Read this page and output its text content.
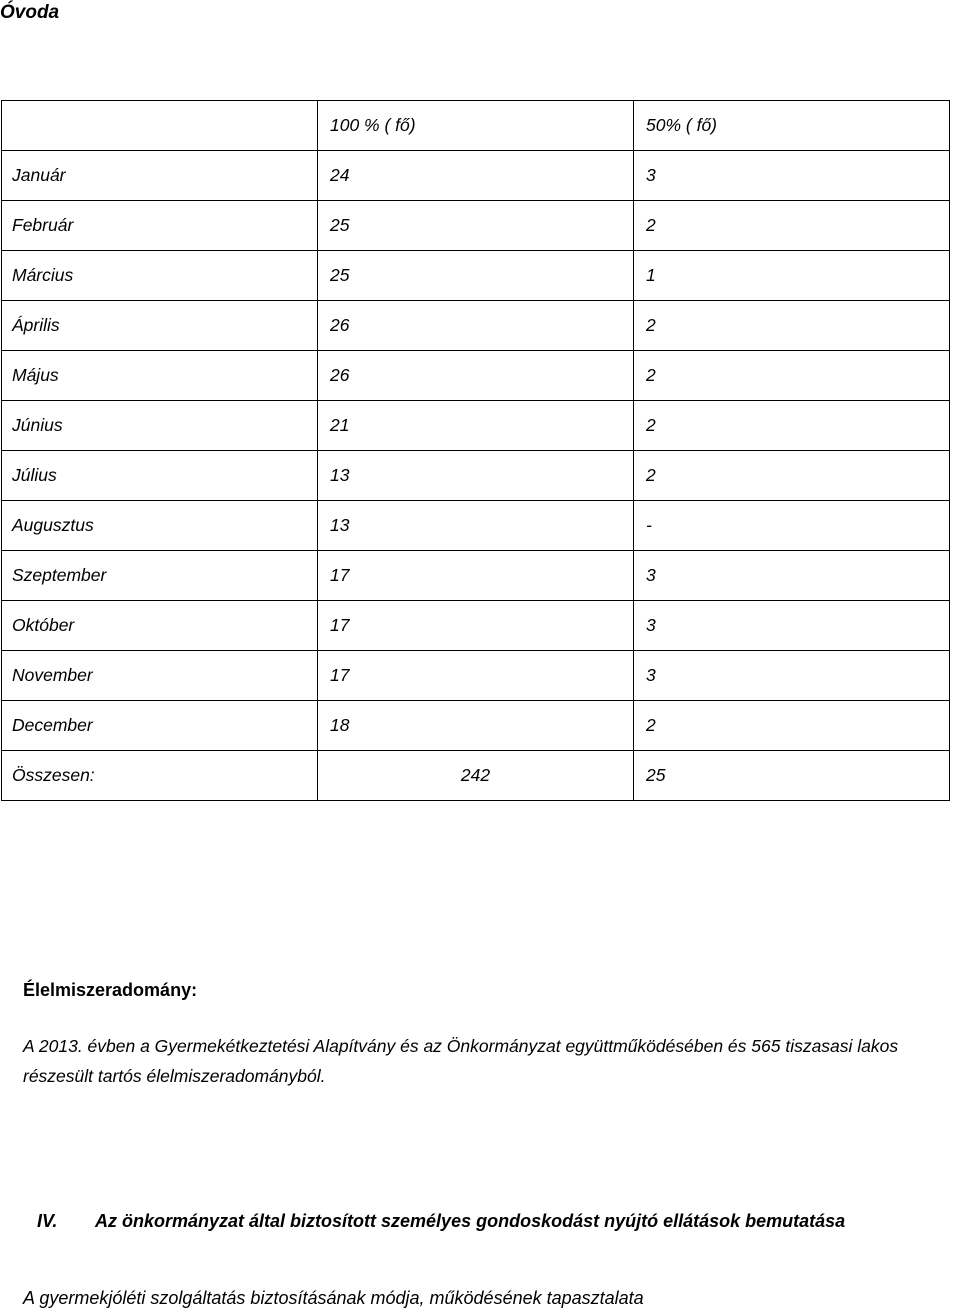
Óvoda
	100 % ( fő)	50% ( fő)
Január	24	3
Február	25	2
Március	25	1
Április	26	2
Május	26	2
Június	21	2
Július	13	2
Augusztus	13	-
Szeptember	17	3
Október	17	3
November	17	3
December	18	2
Összesen:	242	25
Élelmiszeradomány:
A 2013. évben a Gyermekétkeztetési Alapítvány és az Önkormányzat együttműködésében és 565 tiszasasi lakos részesült tartós élelmiszeradományból.
IV. Az önkormányzat által biztosított személyes gondoskodást nyújtó ellátások bemutatása
A gyermekjóléti szolgáltatás biztosításának módja, működésének tapasztalata
